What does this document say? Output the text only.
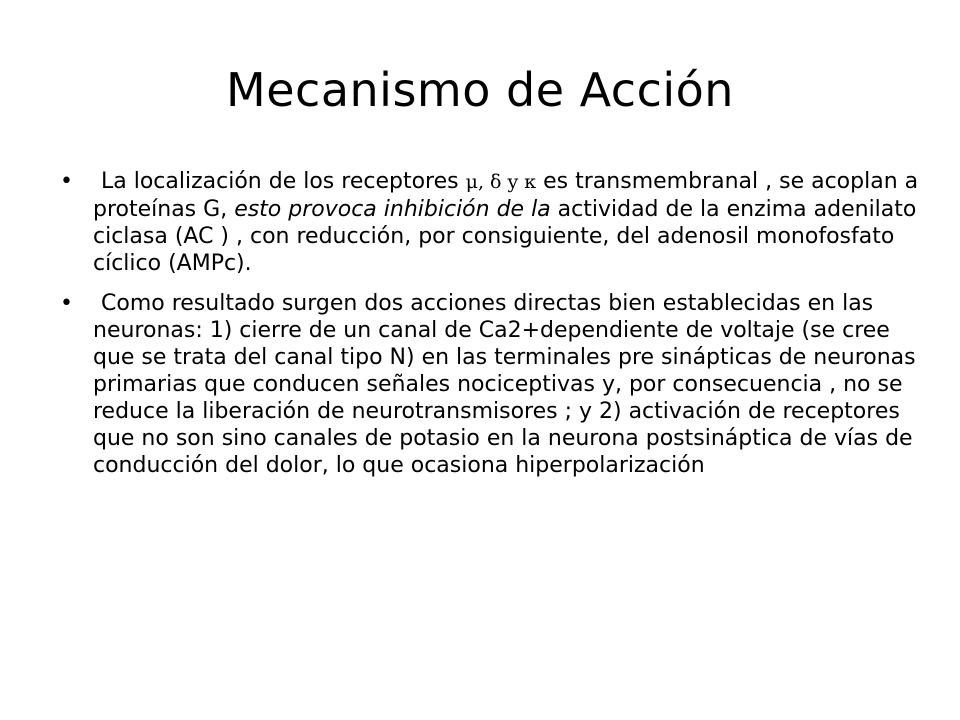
Mecanismo de Acción
•	La localización de los receptores μ, δ y κ es transmembranal , se acoplan a proteínas G, esto provoca inhibición de la actividad de la enzima adenilato ciclasa (AC ) , con reducción, por consiguiente, del adenosil monofosfato cíclico (AMPc).
•	Como resultado surgen dos acciones directas bien establecidas en las neuronas: 1) cierre de un canal de Ca2+dependiente de voltaje (se cree que se trata del canal tipo N) en las terminales pre sinápticas de neuronas primarias que conducen señales nociceptivas y, por consecuencia , no se reduce la liberación de neurotransmisores ; y 2) activación de receptores que no son sino canales de potasio en la neurona postsináptica de vías de conducción del dolor, lo que ocasiona hiperpolarización
